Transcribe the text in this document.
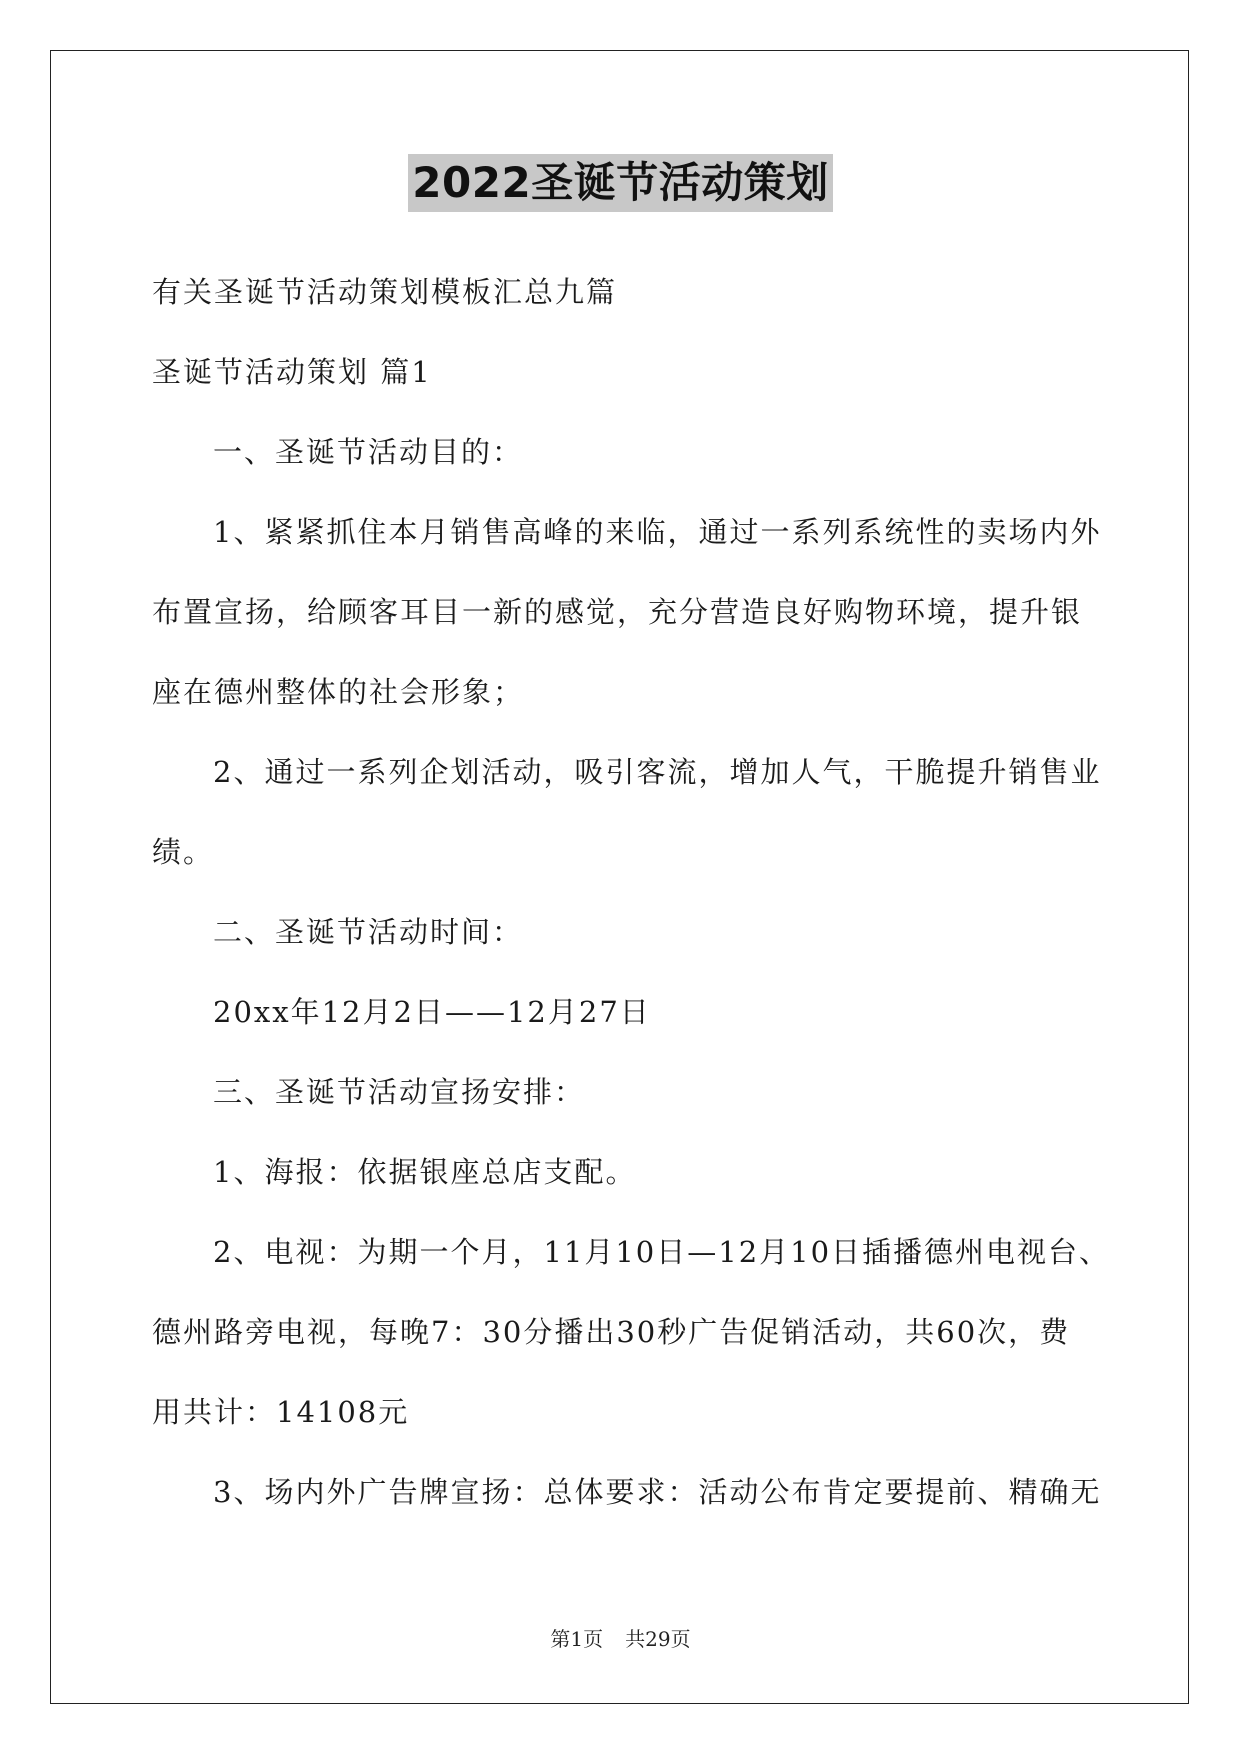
2022圣诞节活动策划
有关圣诞节活动策划模板汇总九篇
圣诞节活动策划 篇1
一、圣诞节活动目的：
1、紧紧抓住本月销售高峰的来临，通过一系列系统性的卖场内外
布置宣扬，给顾客耳目一新的感觉，充分营造良好购物环境，提升银
座在德州整体的社会形象；
2、通过一系列企划活动，吸引客流，增加人气，干脆提升销售业
绩。
二、圣诞节活动时间：
20xx年12月2日——12月27日
三、圣诞节活动宣扬安排：
1、海报：依据银座总店支配。
2、电视：为期一个月，11月10日—12月10日插播德州电视台、
德州路旁电视，每晚7：30分播出30秒广告促销活动，共60次，费
用共计：14108元
3、场内外广告牌宣扬：总体要求：活动公布肯定要提前、精确无
第1页 共29页
